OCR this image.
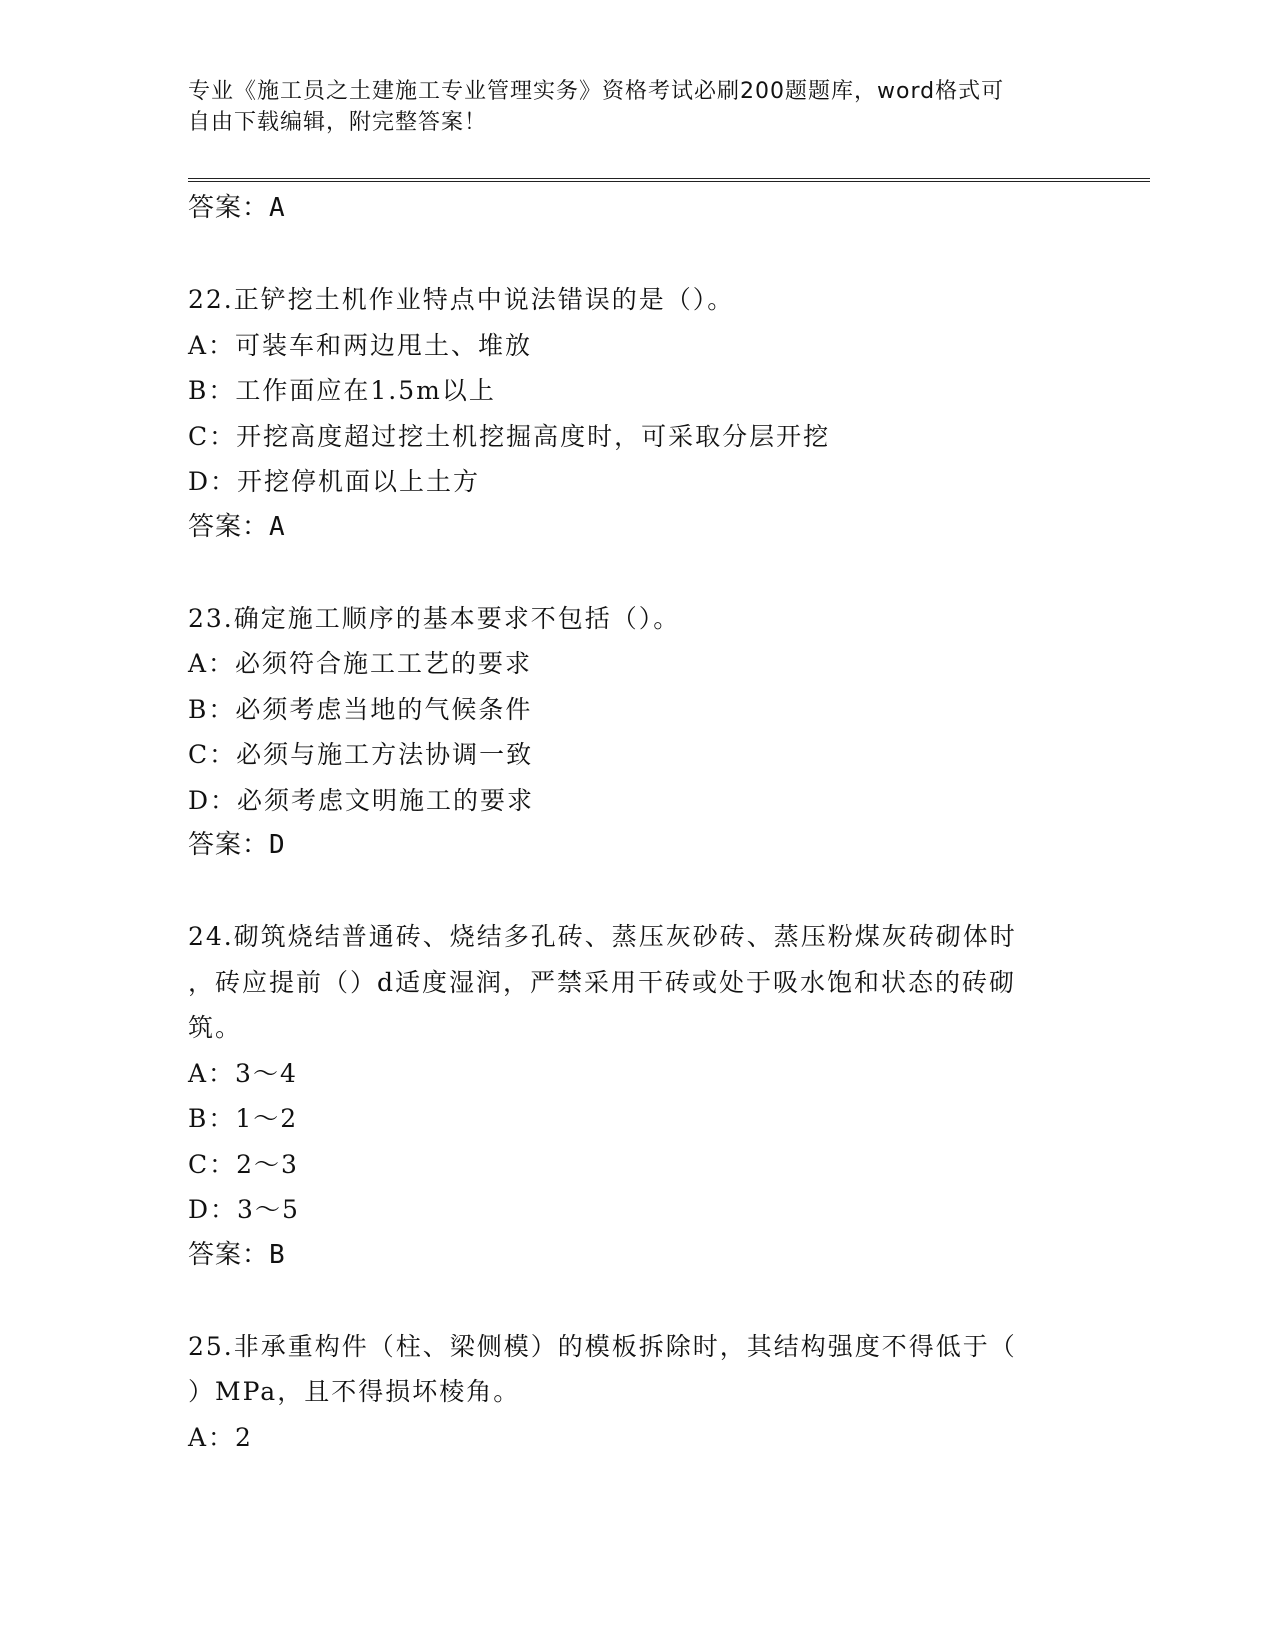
专业《施工员之土建施工专业管理实务》资格考试必刷200题题库，word格式可
自由下载编辑，附完整答案！
答案：A
22.正铲挖土机作业特点中说法错误的是（）。
A：可装车和两边甩土、堆放
B：工作面应在1.5m以上
C：开挖高度超过挖土机挖掘高度时，可采取分层开挖
D：开挖停机面以上土方
答案：A
23.确定施工顺序的基本要求不包括（）。
A：必须符合施工工艺的要求
B：必须考虑当地的气候条件
C：必须与施工方法协调一致
D：必须考虑文明施工的要求
答案：D
24.砌筑烧结普通砖、烧结多孔砖、蒸压灰砂砖、蒸压粉煤灰砖砌体时
，砖应提前（）d适度湿润，严禁采用干砖或处于吸水饱和状态的砖砌
筑。
A：3～4
B：1～2
C：2～3
D：3～5
答案：B
25.非承重构件（柱、梁侧模）的模板拆除时，其结构强度不得低于（
）MPa，且不得损坏棱角。
A：2
